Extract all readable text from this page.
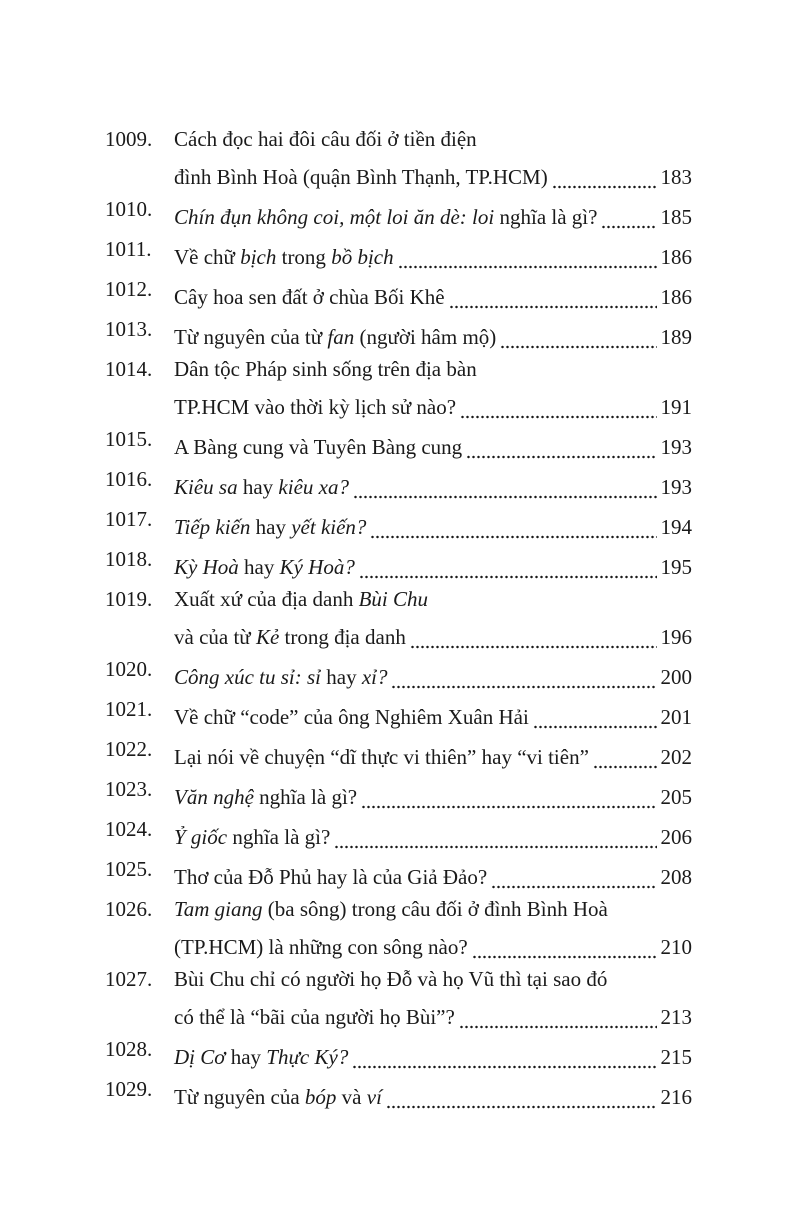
1009. Cách đọc hai đôi câu đối ở tiền điện
đình Bình Hoà (quận Bình Thạnh, TP.HCM)	183
1010. Chín đụn không coi, một loi ăn dè: loi nghĩa là gì?	185
1011. Về chữ bịch trong bồ bịch	186
1012. Cây hoa sen đất ở chùa Bối Khê	186
1013. Từ nguyên của từ fan (người hâm mộ)	189
1014. Dân tộc Pháp sinh sống trên địa bàn
TP.HCM vào thời kỳ lịch sử nào?	191
1015. A Bàng cung và Tuyên Bàng cung	193
1016. Kiêu sa hay kiêu xa?	193
1017. Tiếp kiến hay yết kiến?	194
1018. Kỳ Hoà hay Ký Hoà?	195
1019. Xuất xứ của địa danh Bùi Chu
và của từ Kẻ trong địa danh	196
1020. Công xúc tu sỉ: sỉ hay xỉ?	200
1021. Về chữ “code” của ông Nghiêm Xuân Hải	201
1022. Lại nói về chuyện “dĩ thực vi thiên” hay “vi tiên”	202
1023. Văn nghệ nghĩa là gì?	205
1024. Ỷ giốc nghĩa là gì?	206
1025. Thơ của Đỗ Phủ hay là của Giả Đảo?	208
1026. Tam giang (ba sông) trong câu đối ở đình Bình Hoà
(TP.HCM) là những con sông nào?	210
1027. Bùi Chu chỉ có người họ Đỗ và họ Vũ thì tại sao đó
có thể là “bãi của người họ Bùi”?	213
1028. Dị Cơ hay Thực Ký?	215
1029. Từ nguyên của bóp và ví	216
